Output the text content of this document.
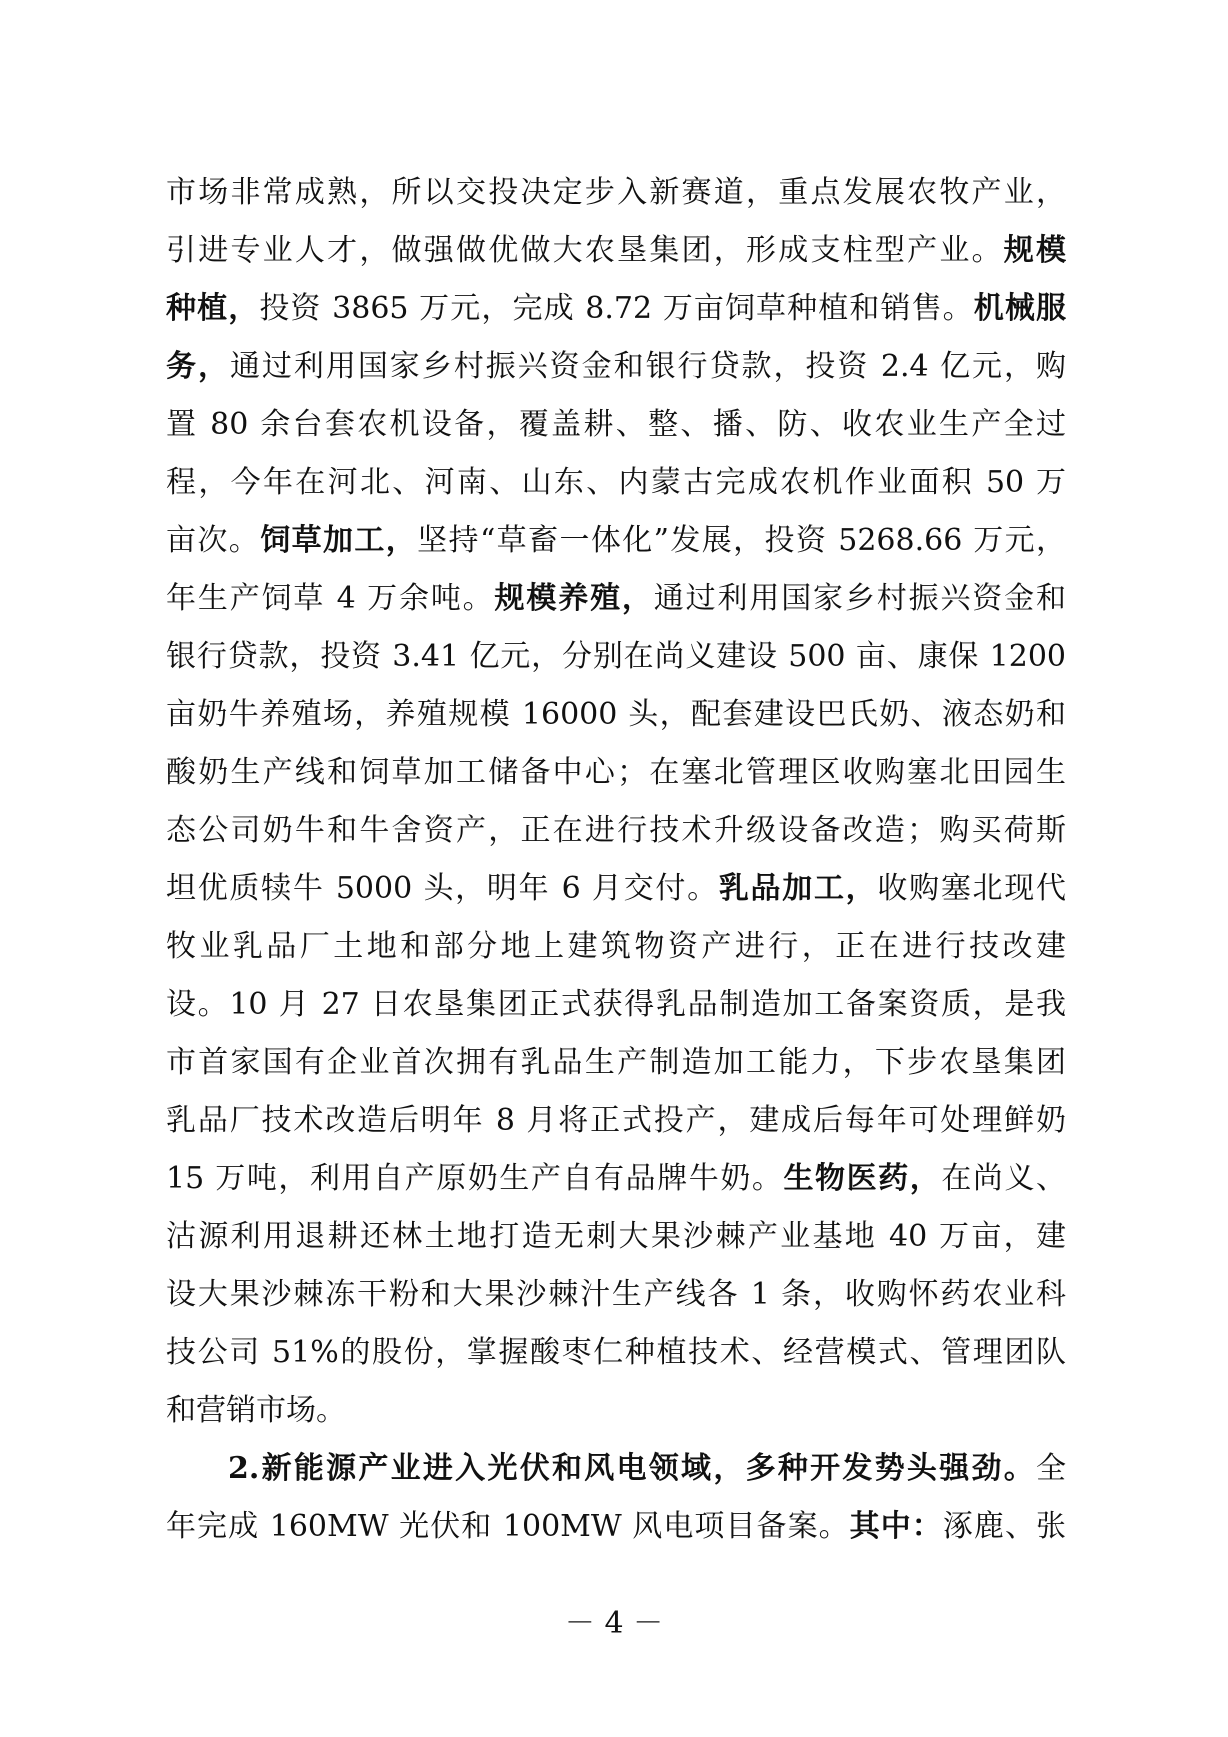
市场非常成熟，所以交投决定步入新赛道，重点发展农牧产业，
引进专业人才，做强做优做大农垦集团，形成支柱型产业。规模
种植，投资 3865 万元，完成 8.72 万亩饲草种植和销售。机械服
务，通过利用国家乡村振兴资金和银行贷款，投资 2.4 亿元，购
置 80 余台套农机设备，覆盖耕、整、播、防、收农业生产全过
程，今年在河北、河南、山东、内蒙古完成农机作业面积 50 万
亩次。饲草加工，坚持“草畜一体化”发展，投资 5268.66 万元，
年生产饲草 4 万余吨。规模养殖，通过利用国家乡村振兴资金和
银行贷款，投资 3.41 亿元，分别在尚义建设 500 亩、康保 1200
亩奶牛养殖场，养殖规模 16000 头，配套建设巴氏奶、液态奶和
酸奶生产线和饲草加工储备中心；在塞北管理区收购塞北田园生
态公司奶牛和牛舍资产，正在进行技术升级设备改造；购买荷斯
坦优质犊牛 5000 头，明年 6 月交付。乳品加工，收购塞北现代
牧业乳品厂土地和部分地上建筑物资产进行，正在进行技改建
设。10 月 27 日农垦集团正式获得乳品制造加工备案资质，是我
市首家国有企业首次拥有乳品生产制造加工能力，下步农垦集团
乳品厂技术改造后明年 8 月将正式投产，建成后每年可处理鲜奶
15 万吨，利用自产原奶生产自有品牌牛奶。生物医药，在尚义、
沽源利用退耕还林土地打造无刺大果沙棘产业基地 40 万亩，建
设大果沙棘冻干粉和大果沙棘汁生产线各 1 条，收购怀药农业科
技公司 51%的股份，掌握酸枣仁种植技术、经营模式、管理团队
和营销市场。
2.新能源产业进入光伏和风电领域，多种开发势头强劲。全
年完成 160MW 光伏和 100MW 风电项目备案。其中：涿鹿、张
－ 4 －
